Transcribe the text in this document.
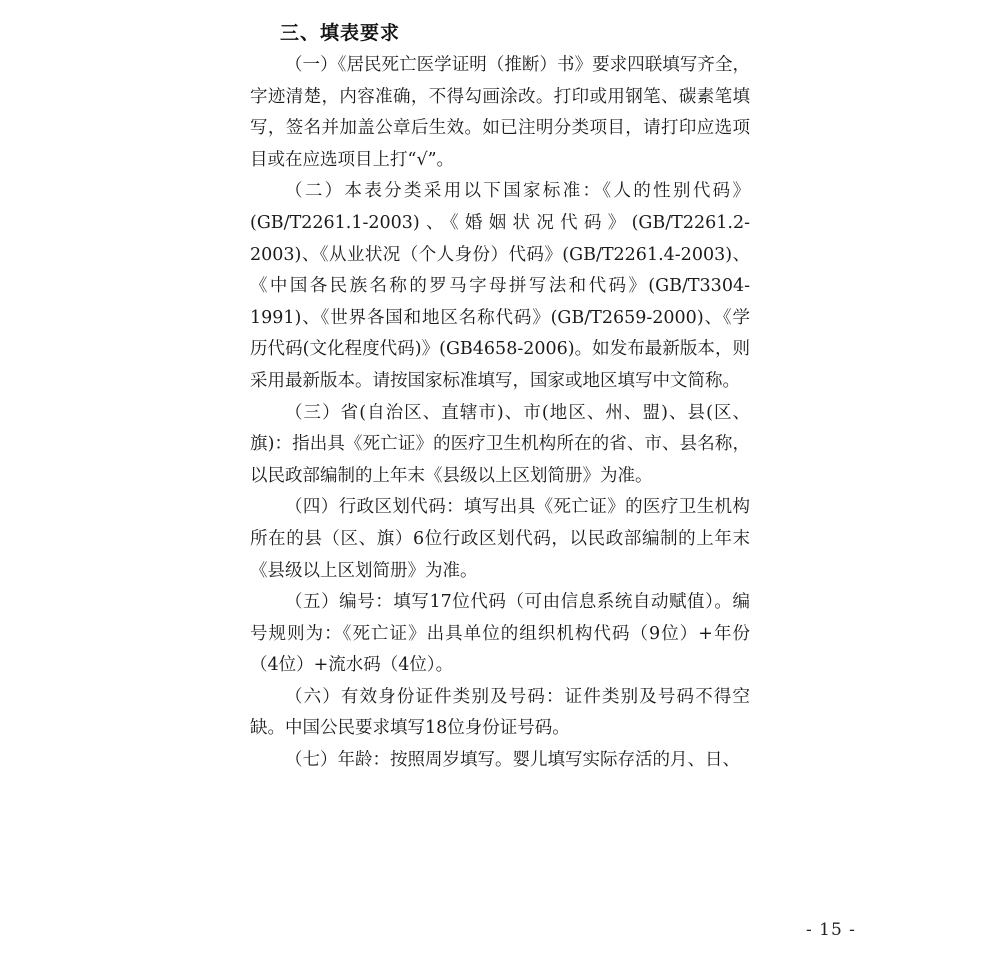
三、填表要求

（一）《居民死亡医学证明（推断）书》要求四联填写齐全，字迹清楚，内容准确，不得勾画涂改。打印或用钢笔、碳素笔填写，签名并加盖公章后生效。如已注明分类项目，请打印应选项目或在应选项目上打“√”。

（二）本表分类采用以下国家标准：《人的性别代码》(GB/T2261.1-2003)、《婚姻状况代码》(GB/T2261.2-2003)、《从业状况（个人身份）代码》(GB/T2261.4-2003)、《中国各民族名称的罗马字母拼写法和代码》(GB/T3304-1991)、《世界各国和地区名称代码》(GB/T2659-2000)、《学历代码(文化程度代码)》(GB4658-2006)。如发布最新版本，则采用最新版本。请按国家标准填写，国家或地区填写中文简称。

（三）省(自治区、直辖市)、市(地区、州、盟)、县(区、旗)：指出具《死亡证》的医疗卫生机构所在的省、市、县名称，以民政部编制的上年末《县级以上区划简册》为准。

（四）行政区划代码：填写出具《死亡证》的医疗卫生机构所在的县（区、旗）6位行政区划代码，以民政部编制的上年末《县级以上区划简册》为准。

（五）编号：填写17位代码（可由信息系统自动赋值）。编号规则为：《死亡证》出具单位的组织机构代码（9位）+年份（4位）+流水码（4位）。

（六）有效身份证件类别及号码：证件类别及号码不得空缺。中国公民要求填写18位身份证号码。

（七）年龄：按照周岁填写。婴儿填写实际存活的月、日、

- 15 -
